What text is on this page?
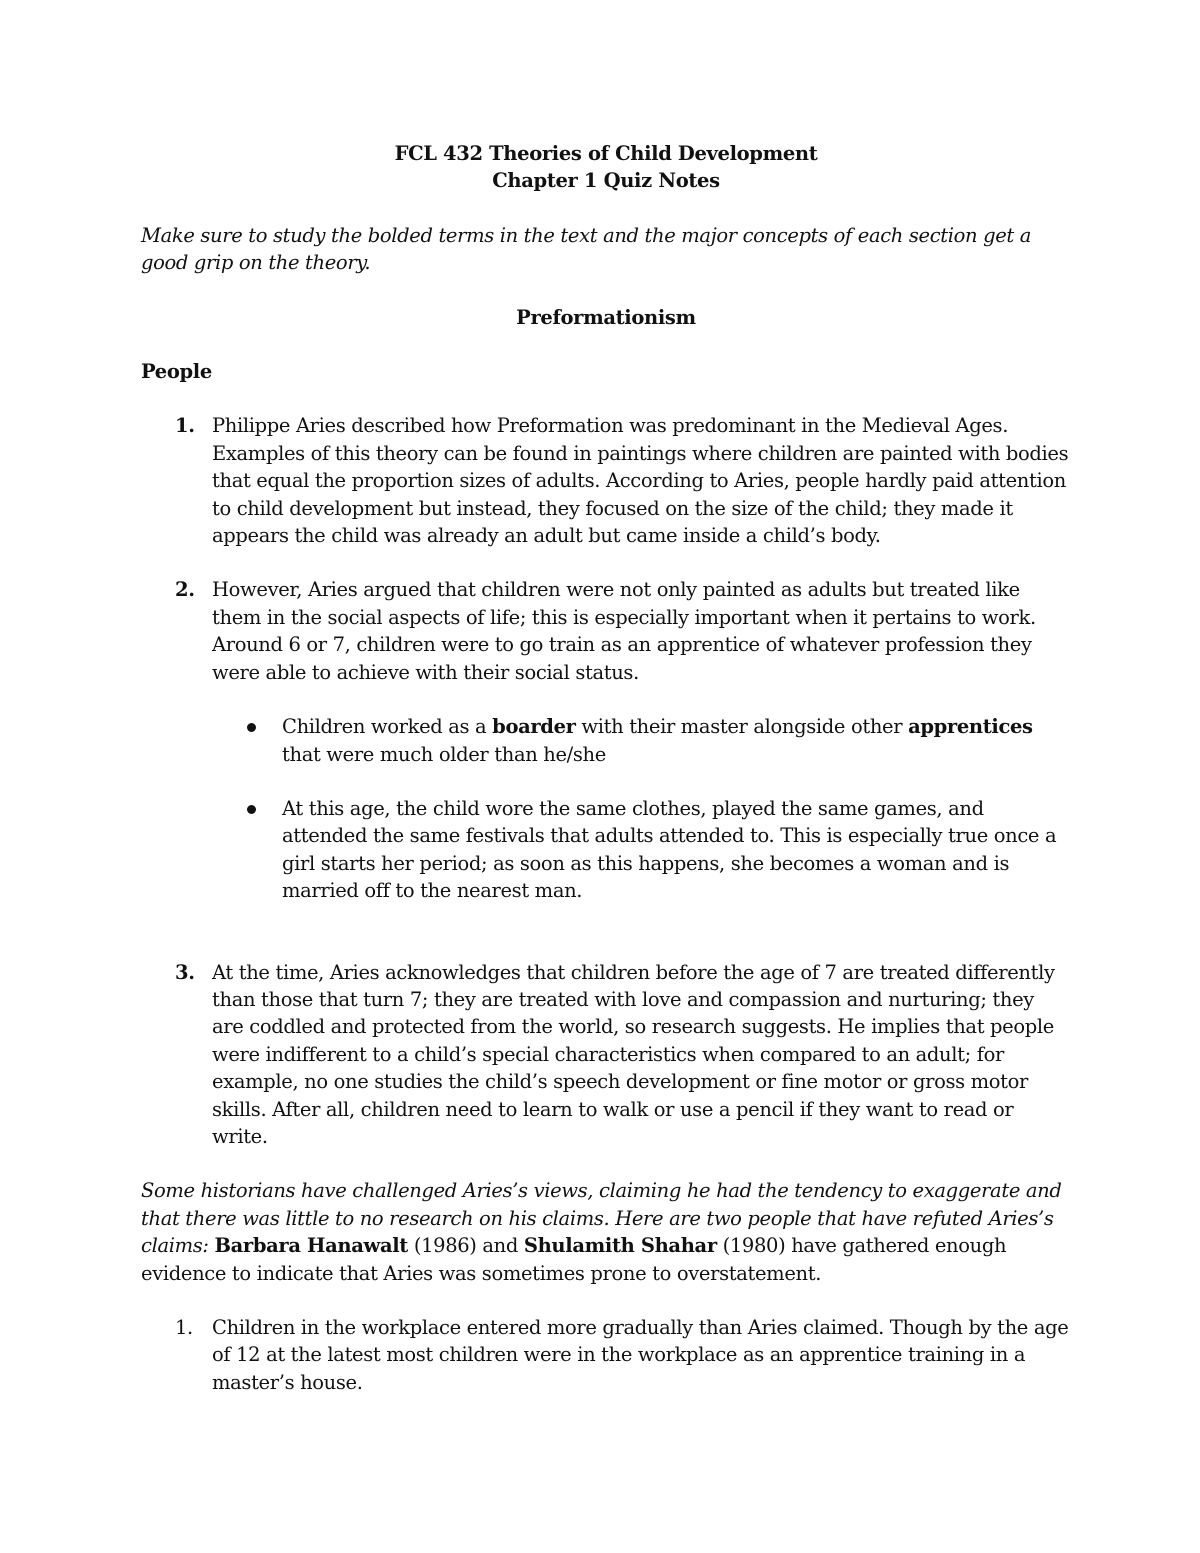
FCL 432 Theories of Child Development
Chapter 1 Quiz Notes
Make sure to study the bolded terms in the text and the major concepts of each section get a good grip on the theory.
Preformationism
People
1. Philippe Aries described how Preformation was predominant in the Medieval Ages. Examples of this theory can be found in paintings where children are painted with bodies that equal the proportion sizes of adults. According to Aries, people hardly paid attention to child development but instead, they focused on the size of the child; they made it appears the child was already an adult but came inside a child’s body.
2. However, Aries argued that children were not only painted as adults but treated like them in the social aspects of life; this is especially important when it pertains to work. Around 6 or 7, children were to go train as an apprentice of whatever profession they were able to achieve with their social status.
Children worked as a boarder with their master alongside other apprentices that were much older than he/she
At this age, the child wore the same clothes, played the same games, and attended the same festivals that adults attended to. This is especially true once a girl starts her period; as soon as this happens, she becomes a woman and is married off to the nearest man.
3. At the time, Aries acknowledges that children before the age of 7 are treated differently than those that turn 7; they are treated with love and compassion and nurturing; they are coddled and protected from the world, so research suggests. He implies that people were indifferent to a child’s special characteristics when compared to an adult; for example, no one studies the child’s speech development or fine motor or gross motor skills. After all, children need to learn to walk or use a pencil if they want to read or write.
Some historians have challenged Aries’s views, claiming he had the tendency to exaggerate and that there was little to no research on his claims. Here are two people that have refuted Aries’s claims: Barbara Hanawalt (1986) and Shulamith Shahar (1980) have gathered enough evidence to indicate that Aries was sometimes prone to overstatement.
1. Children in the workplace entered more gradually than Aries claimed. Though by the age of 12 at the latest most children were in the workplace as an apprentice training in a master’s house.
